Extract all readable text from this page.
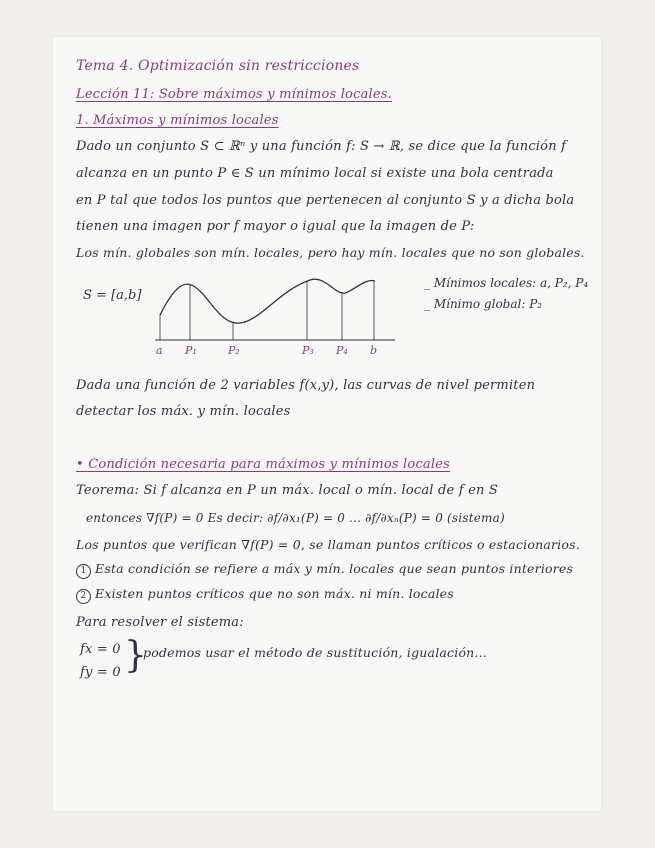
Tema 4. Optimización sin restricciones
Lección 11: Sobre máximos y mínimos locales.
1. Máximos y mínimos locales
Dado un conjunto S ⊂ ℝⁿ y una función f: S → ℝ, se dice que la función f
alcanza en un punto P ∈ S un mínimo local si existe una bola centrada
en P tal que todos los puntos que pertenecen al conjunto S y a dicha bola
tienen una imagen por f mayor o igual que la imagen de P:
Los mín. globales son mín. locales, pero hay mín. locales que no son globales.
S = [a,b]
a P₁	P₂	P₃ P₄ b
_ Mínimos locales: a, P₂, P₄
_ Mínimo global: P₂
Dada una función de 2 variables f(x,y), las curvas de nivel permiten
detectar los máx. y mín. locales
• Condición necesaria para máximos y mínimos locales
Teorema: Si f alcanza en P un máx. local o mín. local de f en S
entonces ∇f(P) = 0 Es decir: ∂f/∂x₁(P) = 0 ... ∂f/∂xₙ(P) = 0 (sistema)
Los puntos que verifican ∇f(P) = 0, se llaman puntos críticos o estacionarios.
1 Esta condición se refiere a máx y mín. locales que sean puntos interiores
2 Existen puntos críticos que no son máx. ni mín. locales
Para resolver el sistema:
fx = 0
fy = 0 }
podemos usar el método de sustitución, igualación...
